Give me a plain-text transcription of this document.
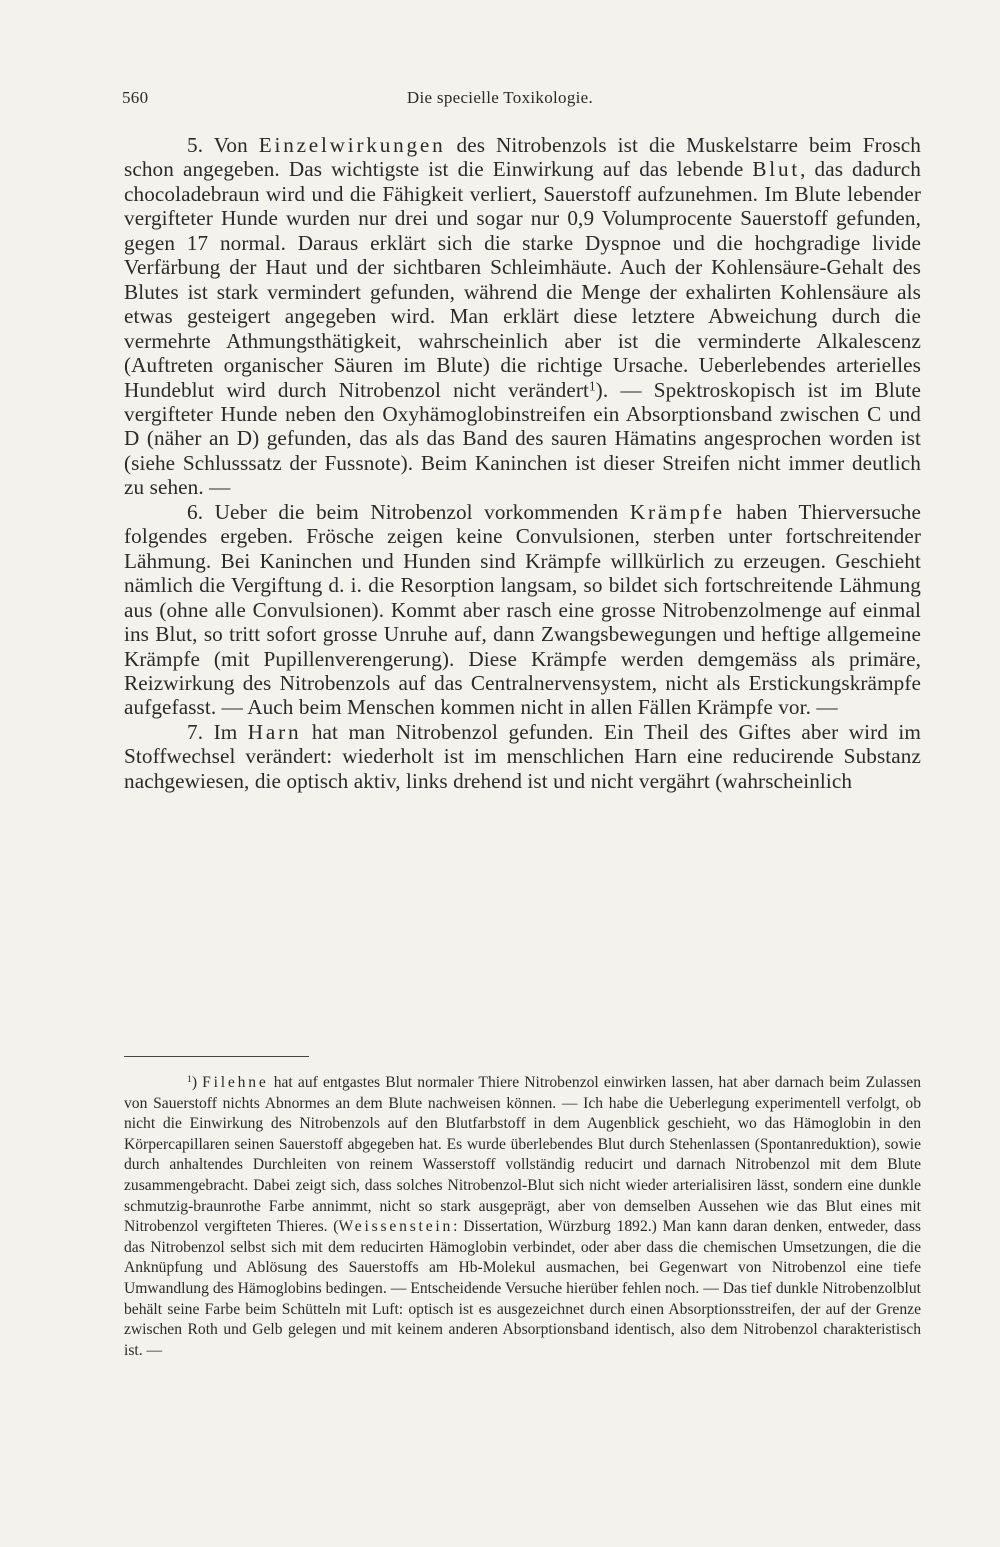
560	Die specielle Toxikologie.

5. Von Einzelwirkungen des Nitrobenzols ist die Muskelstarre beim Frosch schon angegeben. Das wichtigste ist die Einwirkung auf das lebende Blut, das dadurch chocoladebraun wird und die Fähigkeit verliert, Sauerstoff aufzunehmen. Im Blute lebender vergifteter Hunde wurden nur drei und sogar nur 0,9 Volumprocente Sauerstoff gefunden, gegen 17 normal. Daraus erklärt sich die starke Dyspnoe und die hochgradige livide Verfärbung der Haut und der sichtbaren Schleimhäute. Auch der Kohlensäure-Gehalt des Blutes ist stark vermindert gefunden, während die Menge der exhalirten Kohlensäure als etwas gesteigert angegeben wird. Man erklärt diese letztere Abweichung durch die vermehrte Athmungsthätigkeit, wahrscheinlich aber ist die verminderte Alkalescenz (Auftreten organischer Säuren im Blute) die richtige Ursache. Ueberlebendes arterielles Hundeblut wird durch Nitrobenzol nicht verändert$^1$). — Spektroskopisch ist im Blute vergifteter Hunde neben den Oxyhämoglobinstreifen ein Absorptionsband zwischen C und D (näher an D) gefunden, das als das Band des sauren Hämatins angesprochen worden ist (siehe Schlusssatz der Fussnote). Beim Kaninchen ist dieser Streifen nicht immer deutlich zu sehen. —

6. Ueber die beim Nitrobenzol vorkommenden Krämpfe haben Thierversuche folgendes ergeben. Frösche zeigen keine Convulsionen, sterben unter fortschreitender Lähmung. Bei Kaninchen und Hunden sind Krämpfe willkürlich zu erzeugen. Geschieht nämlich die Vergiftung d. i. die Resorption langsam, so bildet sich fortschreitende Lähmung aus (ohne alle Convulsionen). Kommt aber rasch eine grosse Nitrobenzolmenge auf einmal ins Blut, so tritt sofort grosse Unruhe auf, dann Zwangsbewegungen und heftige allgemeine Krämpfe (mit Pupillenverengerung). Diese Krämpfe werden demgemäss als primäre, Reizwirkung des Nitrobenzols auf das Centralnervensystem, nicht als Erstickungskrämpfe aufgefasst. — Auch beim Menschen kommen nicht in allen Fällen Krämpfe vor. —

7. Im Harn hat man Nitrobenzol gefunden. Ein Theil des Giftes aber wird im Stoffwechsel verändert: wiederholt ist im menschlichen Harn eine reducirende Substanz nachgewiesen, die optisch aktiv, links drehend ist und nicht vergährt (wahrscheinlich

$^1$) Filehne hat auf entgastes Blut normaler Thiere Nitrobenzol einwirken lassen, hat aber darnach beim Zulassen von Sauerstoff nichts Abnormes an dem Blute nachweisen können. — Ich habe die Ueberlegung experimentell verfolgt, ob nicht die Einwirkung des Nitrobenzols auf den Blutfarbstoff in dem Augenblick geschieht, wo das Hämoglobin in den Körpercapillaren seinen Sauerstoff abgegeben hat. Es wurde überlebendes Blut durch Stehenlassen (Spontanreduktion), sowie durch anhaltendes Durchleiten von reinem Wasserstoff vollständig reducirt und darnach Nitrobenzol mit dem Blute zusammengebracht. Dabei zeigt sich, dass solches Nitrobenzol-Blut sich nicht wieder arterialisiren lässt, sondern eine dunkle schmutzig-braunrothe Farbe annimmt, nicht so stark ausgeprägt, aber von demselben Aussehen wie das Blut eines mit Nitrobenzol vergifteten Thieres. (Weissenstein: Dissertation, Würzburg 1892.) Man kann daran denken, entweder, dass das Nitrobenzol selbst sich mit dem reducirten Hämoglobin verbindet, oder aber dass die chemischen Umsetzungen, die die Anknüpfung und Ablösung des Sauerstoffs am Hb-Molekul ausmachen, bei Gegenwart von Nitrobenzol eine tiefe Umwandlung des Hämoglobins bedingen. — Entscheidende Versuche hierüber fehlen noch. — Das tief dunkle Nitrobenzolblut behält seine Farbe beim Schütteln mit Luft: optisch ist es ausgezeichnet durch einen Absorptionsstreifen, der auf der Grenze zwischen Roth und Gelb gelegen und mit keinem anderen Absorptionsband identisch, also dem Nitrobenzol charakteristisch ist. —
